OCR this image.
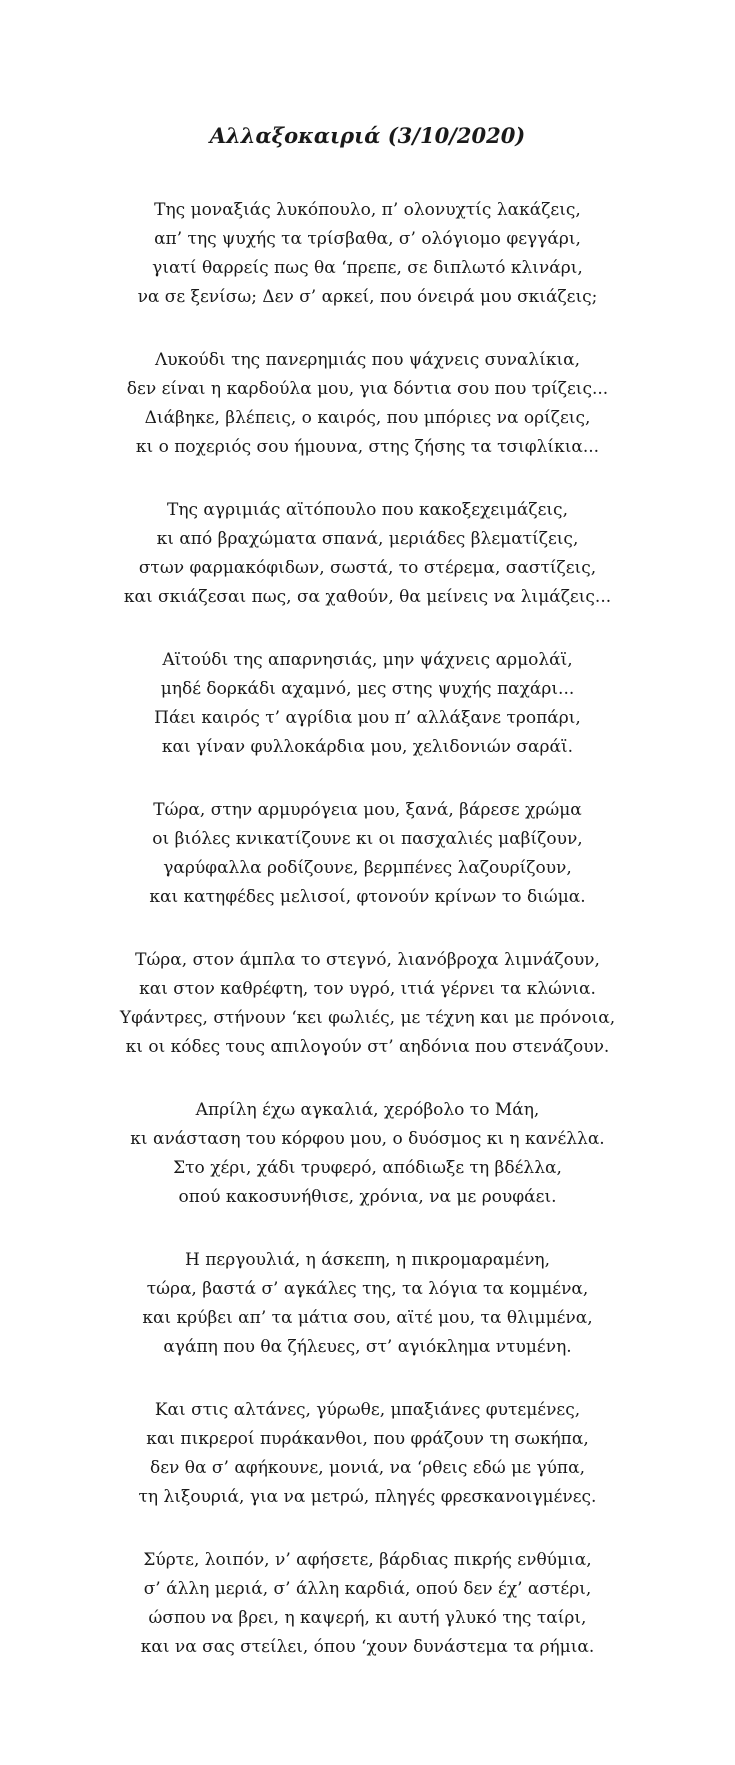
Αλλαξοκαιριά (3/10/2020)
Της μοναξιάς λυκόπουλο, π’ ολονυχτίς λακάζεις,
απ’ της ψυχής τα τρίσβαθα, σ’ ολόγιομο φεγγάρι,
γιατί θαρρείς πως θα ‘πρεπε, σε διπλωτό κλινάρι,
να σε ξενίσω; Δεν σ’ αρκεί, που όνειρά μου σκιάζεις;
Λυκούδι της πανερημιάς που ψάχνεις συναλίκια,
δεν είναι η καρδούλα μου, για δόντια σου που τρίζεις...
Διάβηκε, βλέπεις, ο καιρός, που μπόριες να ορίζεις,
κι ο ποχεριός σου ήμουνα, στης ζήσης τα τσιφλίκια...
Της αγριμιάς αϊτόπουλο που κακοξεχειμάζεις,
κι από βραχώματα σπανά, μεριάδες βλεματίζεις,
στων φαρμακόφιδων, σωστά, το στέρεμα, σαστίζεις,
και σκιάζεσαι πως, σα χαθούν, θα μείνεις να λιμάζεις...
Αϊτούδι της απαρνησιάς, μην ψάχνεις αρμολάϊ,
μηδέ δορκάδι αχαμνό, μες στης ψυχής παχάρι...
Πάει καιρός τ’ αγρίδια μου π’ αλλάξανε τροπάρι,
και γίναν φυλλοκάρδια μου, χελιδονιών σαράϊ.
Τώρα, στην αρμυρόγεια μου, ξανά, βάρεσε χρώμα
οι βιόλες κνικατίζουνε κι οι πασχαλιές μαβίζουν,
γαρύφαλλα ροδίζουνε, βερμπένες λαζουρίζουν,
και κατηφέδες μελισοί, φτονούν κρίνων το διώμα.
Τώρα, στον άμπλα το στεγνό, λιανόβροχα λιμνάζουν,
και στον καθρέφτη, τον υγρό, ιτιά γέρνει τα κλώνια.
Υφάντρες, στήνουν ‘κει φωλιές, με τέχνη και με πρόνοια,
κι οι κόδες τους απιλογούν στ’ αηδόνια που στενάζουν.
Απρίλη έχω αγκαλιά, χερόβολο το Μάη,
κι ανάσταση του κόρφου μου, ο δυόσμος κι η κανέλλα.
Στο χέρι, χάδι τρυφερό, απόδιωξε τη βδέλλα,
οπού κακοσυνήθισε, χρόνια, να με ρουφάει.
Η περγουλιά, η άσκεπη, η πικρομαραμένη,
τώρα, βαστά σ’ αγκάλες της, τα λόγια τα κομμένα,
και κρύβει απ’ τα μάτια σου, αϊτέ μου, τα θλιμμένα,
αγάπη που θα ζήλευες, στ’ αγιόκλημα ντυμένη.
Και στις αλτάνες, γύρωθε, μπαξιάνες φυτεμένες,
και πικρεροί πυράκανθοι, που φράζουν τη σωκήπα,
δεν θα σ’ αφήκουνε, μονιά, να ‘ρθεις εδώ με γύπα,
τη λιξουριά, για να μετρώ, πληγές φρεσκανοιγμένες.
Σύρτε, λοιπόν, ν’ αφήσετε, βάρδιας πικρής ενθύμια,
σ’ άλλη μεριά, σ’ άλλη καρδιά, οπού δεν έχ’ αστέρι,
ώσπου να βρει, η καψερή, κι αυτή γλυκό της ταίρι,
και να σας στείλει, όπου ‘χουν δυνάστεμα τα ρήμια.
